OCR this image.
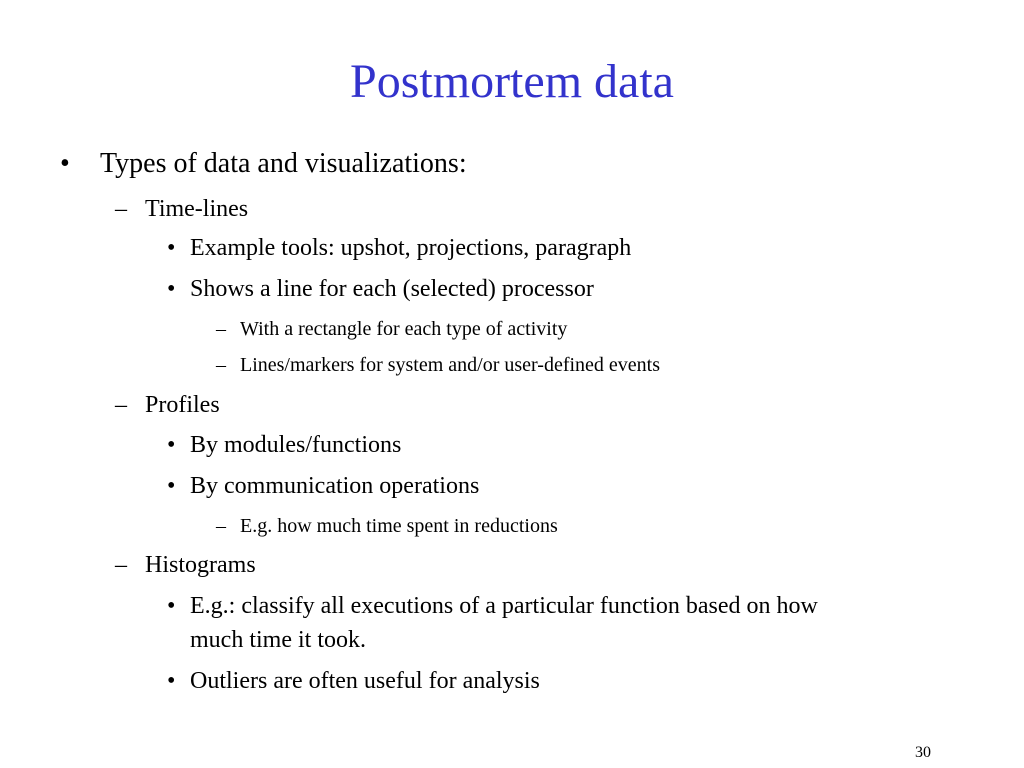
Postmortem data
• Types of data and visualizations:
– Time-lines
• Example tools: upshot, projections, paragraph
• Shows a line for each (selected) processor
– With a rectangle for each type of activity
– Lines/markers for system and/or user-defined events
– Profiles
• By modules/functions
• By communication operations
– E.g. how much time spent in reductions
– Histograms
• E.g.: classify all executions of a particular function based on how
much time it took.
• Outliers are often useful for analysis
30
